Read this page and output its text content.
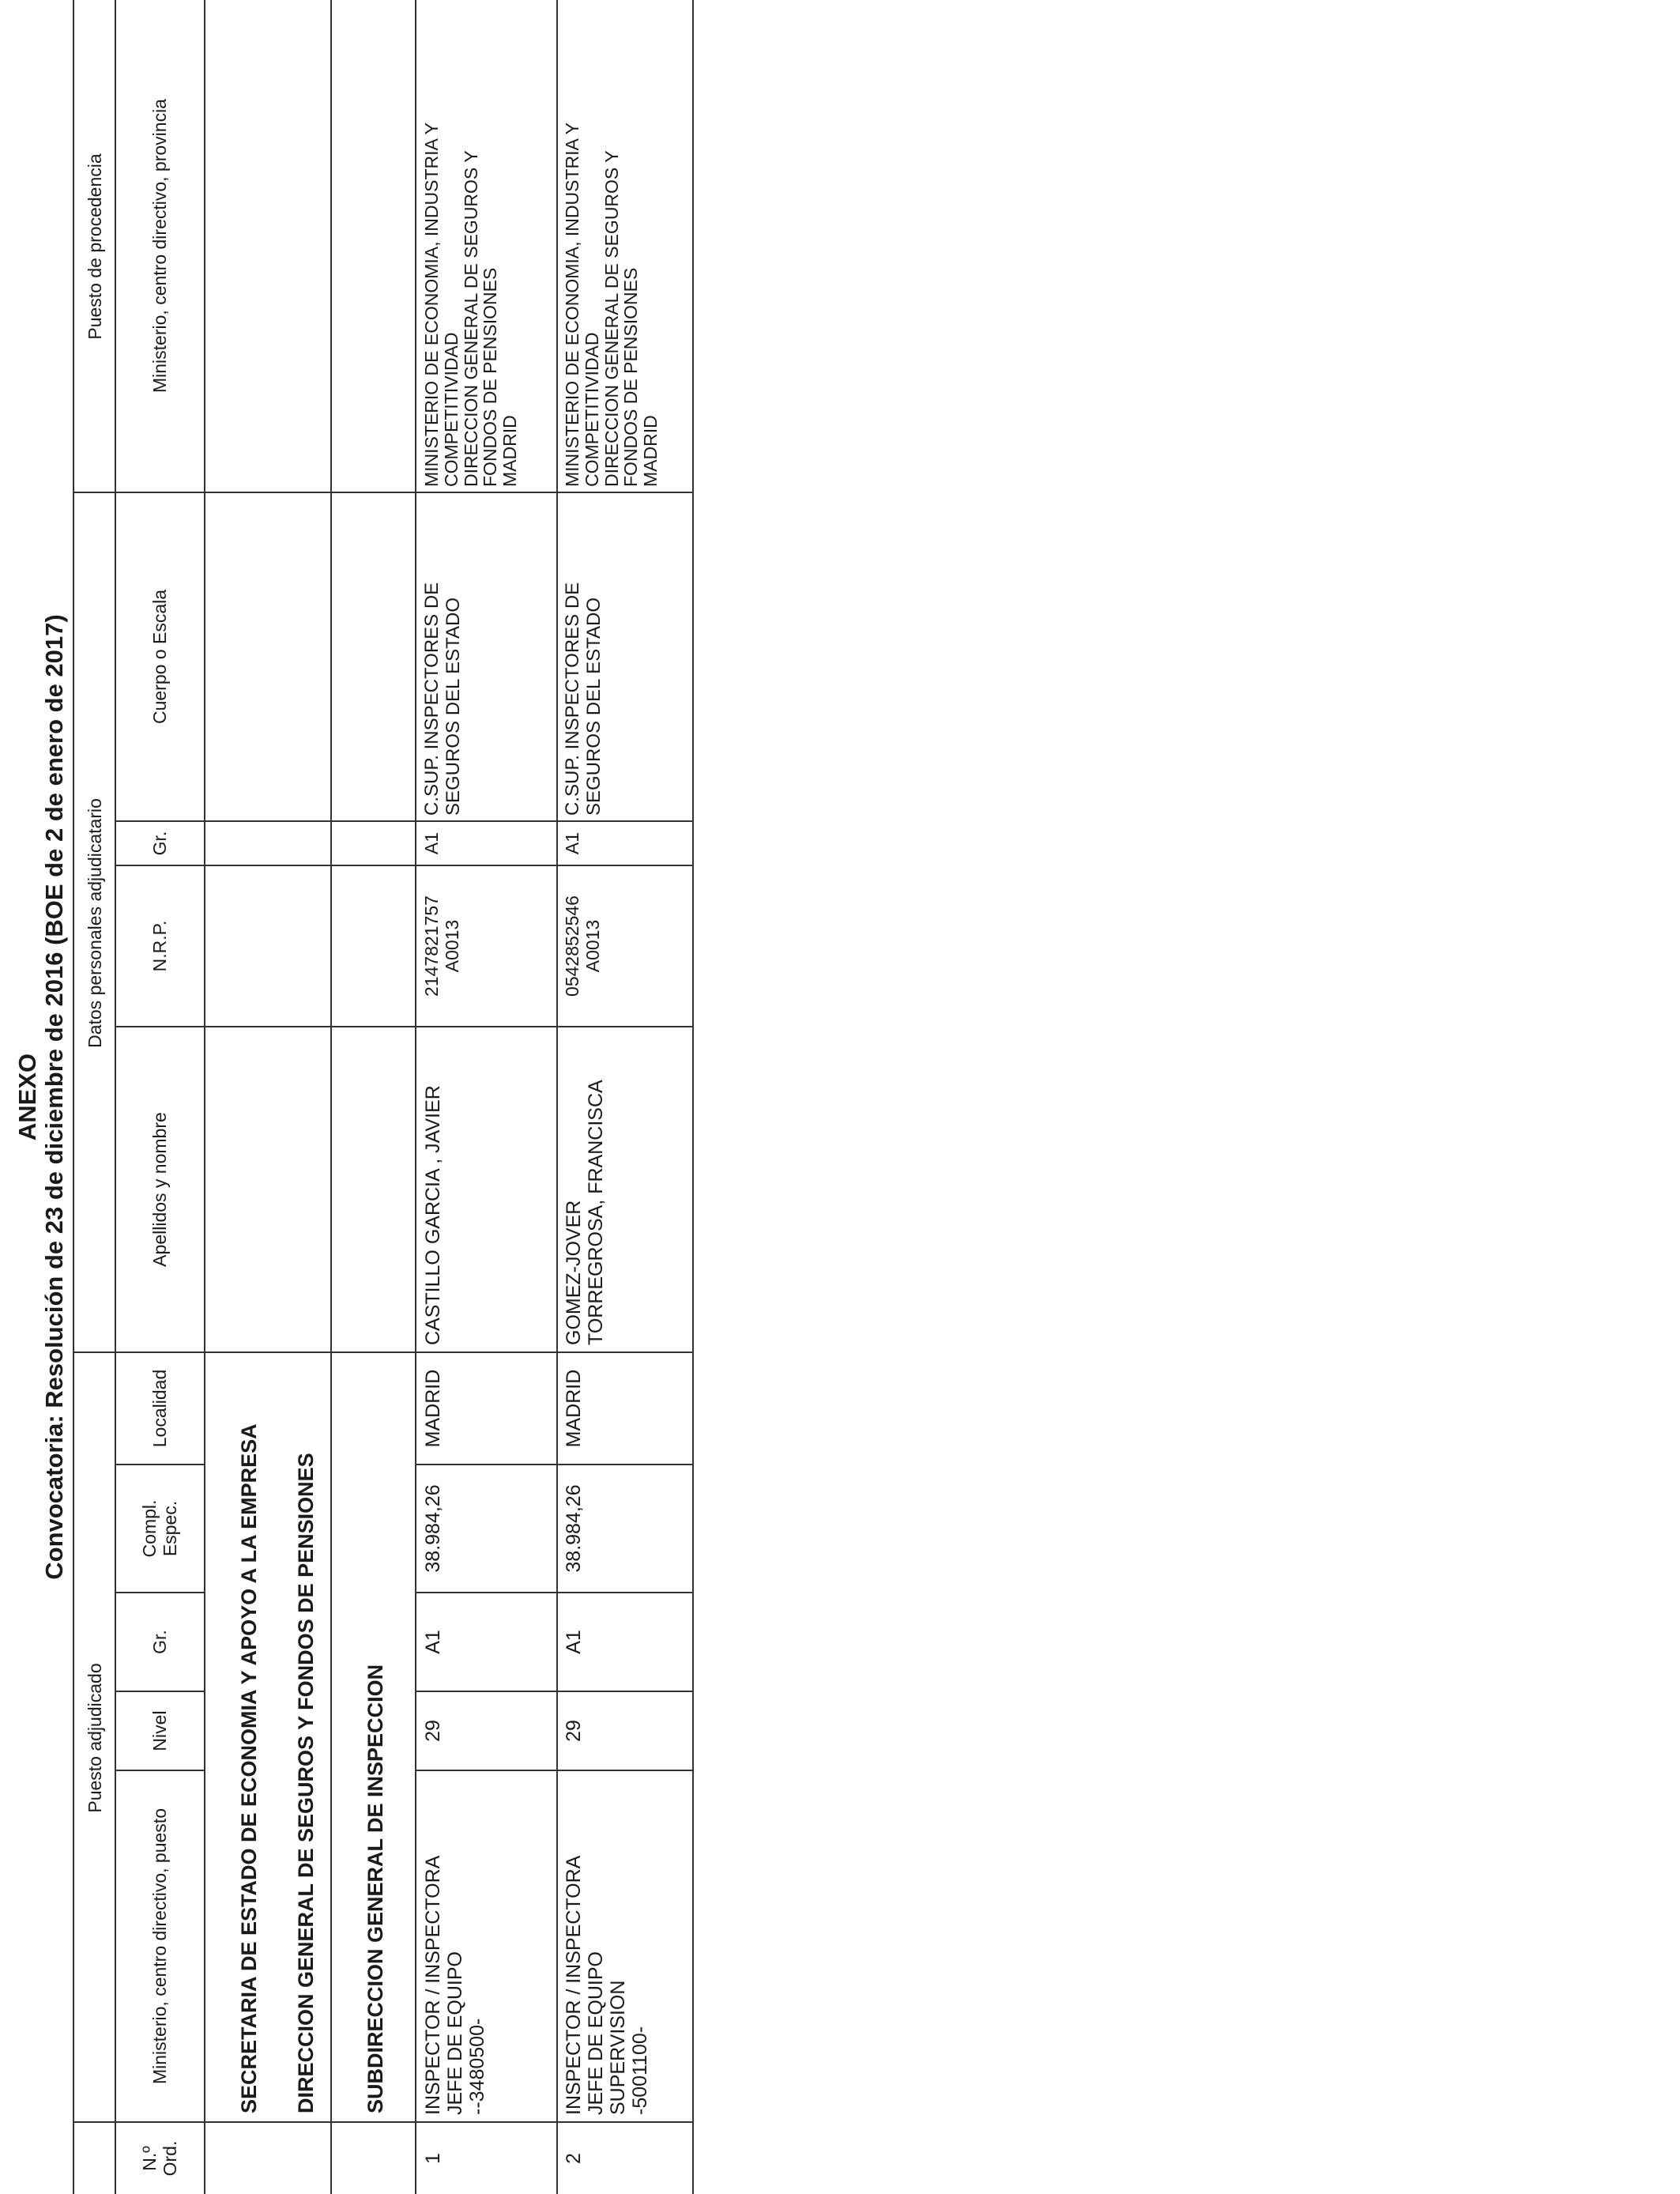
ANEXO Convocatoria: Resolución de 23 de diciembre de 2016 (BOE de 2 de enero de 2017)
Puesto adjudicado
Datos personales adjudicatario
Puesto de procedencia
N.º
Ord.
Ministerio, centro directivo, puesto
Nivel
Gr.
Compl.
Espec.
Localidad
Apellidos y nombre
N.R.P.
Gr.
Cuerpo o Escala
Ministerio, centro directivo, provincia
SECRETARIA DE ESTADO DE ECONOMIA Y APOYO A LA EMPRESA DIRECCION GENERAL DE SEGUROS Y FONDOS DE PENSIONES SUBDIRECCION GENERAL DE INSPECCION
1
INSPECTOR / INSPECTORA
JEFE DE EQUIPO
--3480500-
29
A1
38.984,26
MADRID
CASTILLO GARCIA , JAVIER
2147821757
A0013
A1
C.SUP. INSPECTORES DE
SEGUROS DEL ESTADO
MINISTERIO DE ECONOMIA, INDUSTRIA Y
COMPETITIVIDAD
DIRECCION GENERAL DE SEGUROS Y
FONDOS DE PENSIONES
MADRID
2
INSPECTOR / INSPECTORA
JEFE DE EQUIPO
SUPERVISION
-5001100-
29
A1
38.984,26
MADRID
GOMEZ-JOVER
TORREGROSA, FRANCISCA
0542852546
A0013
A1
C.SUP. INSPECTORES DE
SEGUROS DEL ESTADO
MINISTERIO DE ECONOMIA, INDUSTRIA Y
COMPETITIVIDAD
DIRECCION GENERAL DE SEGUROS Y
FONDOS DE PENSIONES
MADRID
